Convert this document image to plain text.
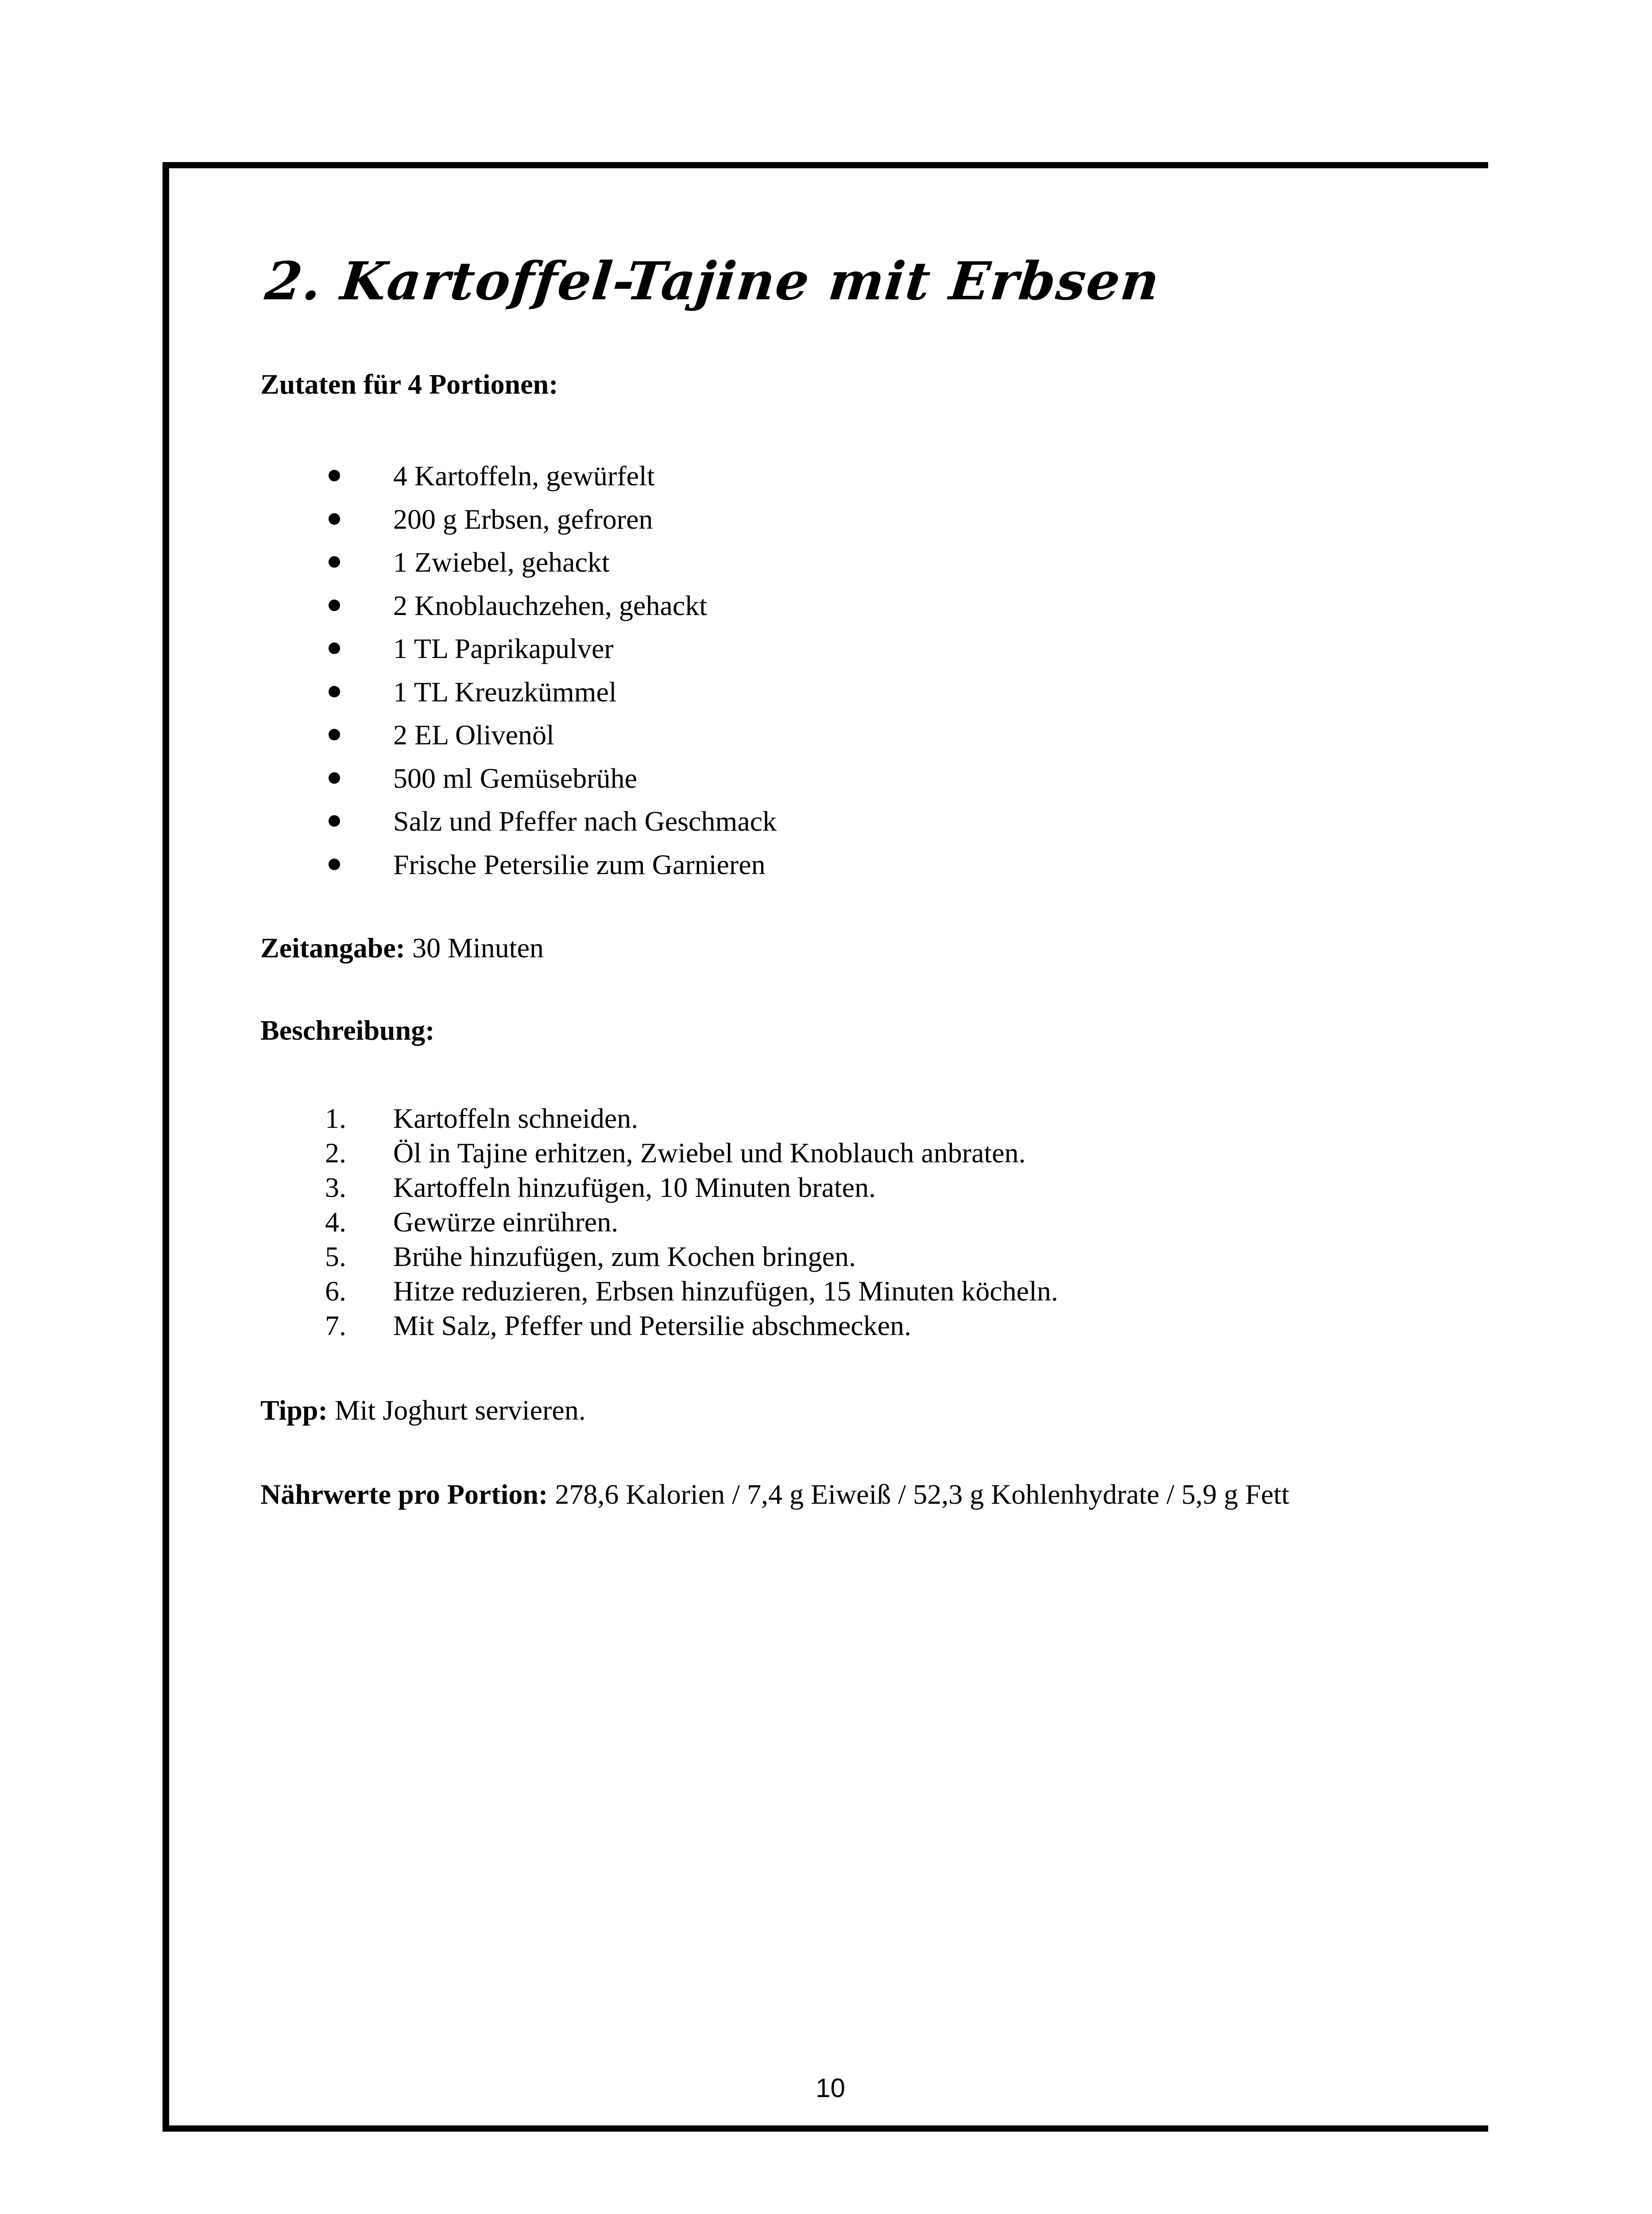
2. Kartoffel-Tajine mit Erbsen

Zutaten für 4 Portionen:

4 Kartoffeln, gewürfelt
200 g Erbsen, gefroren
1 Zwiebel, gehackt
2 Knoblauchzehen, gehackt
1 TL Paprikapulver
1 TL Kreuzkümmel
2 EL Olivenöl
500 ml Gemüsebrühe
Salz und Pfeffer nach Geschmack
Frische Petersilie zum Garnieren

Zeitangabe: 30 Minuten

Beschreibung:

1. Kartoffeln schneiden.
2. Öl in Tajine erhitzen, Zwiebel und Knoblauch anbraten.
3. Kartoffeln hinzufügen, 10 Minuten braten.
4. Gewürze einrühren.
5. Brühe hinzufügen, zum Kochen bringen.
6. Hitze reduzieren, Erbsen hinzufügen, 15 Minuten köcheln.
7. Mit Salz, Pfeffer und Petersilie abschmecken.

Tipp: Mit Joghurt servieren.

Nährwerte pro Portion: 278,6 Kalorien / 7,4 g Eiweiß / 52,3 g Kohlenhydrate / 5,9 g Fett

10
